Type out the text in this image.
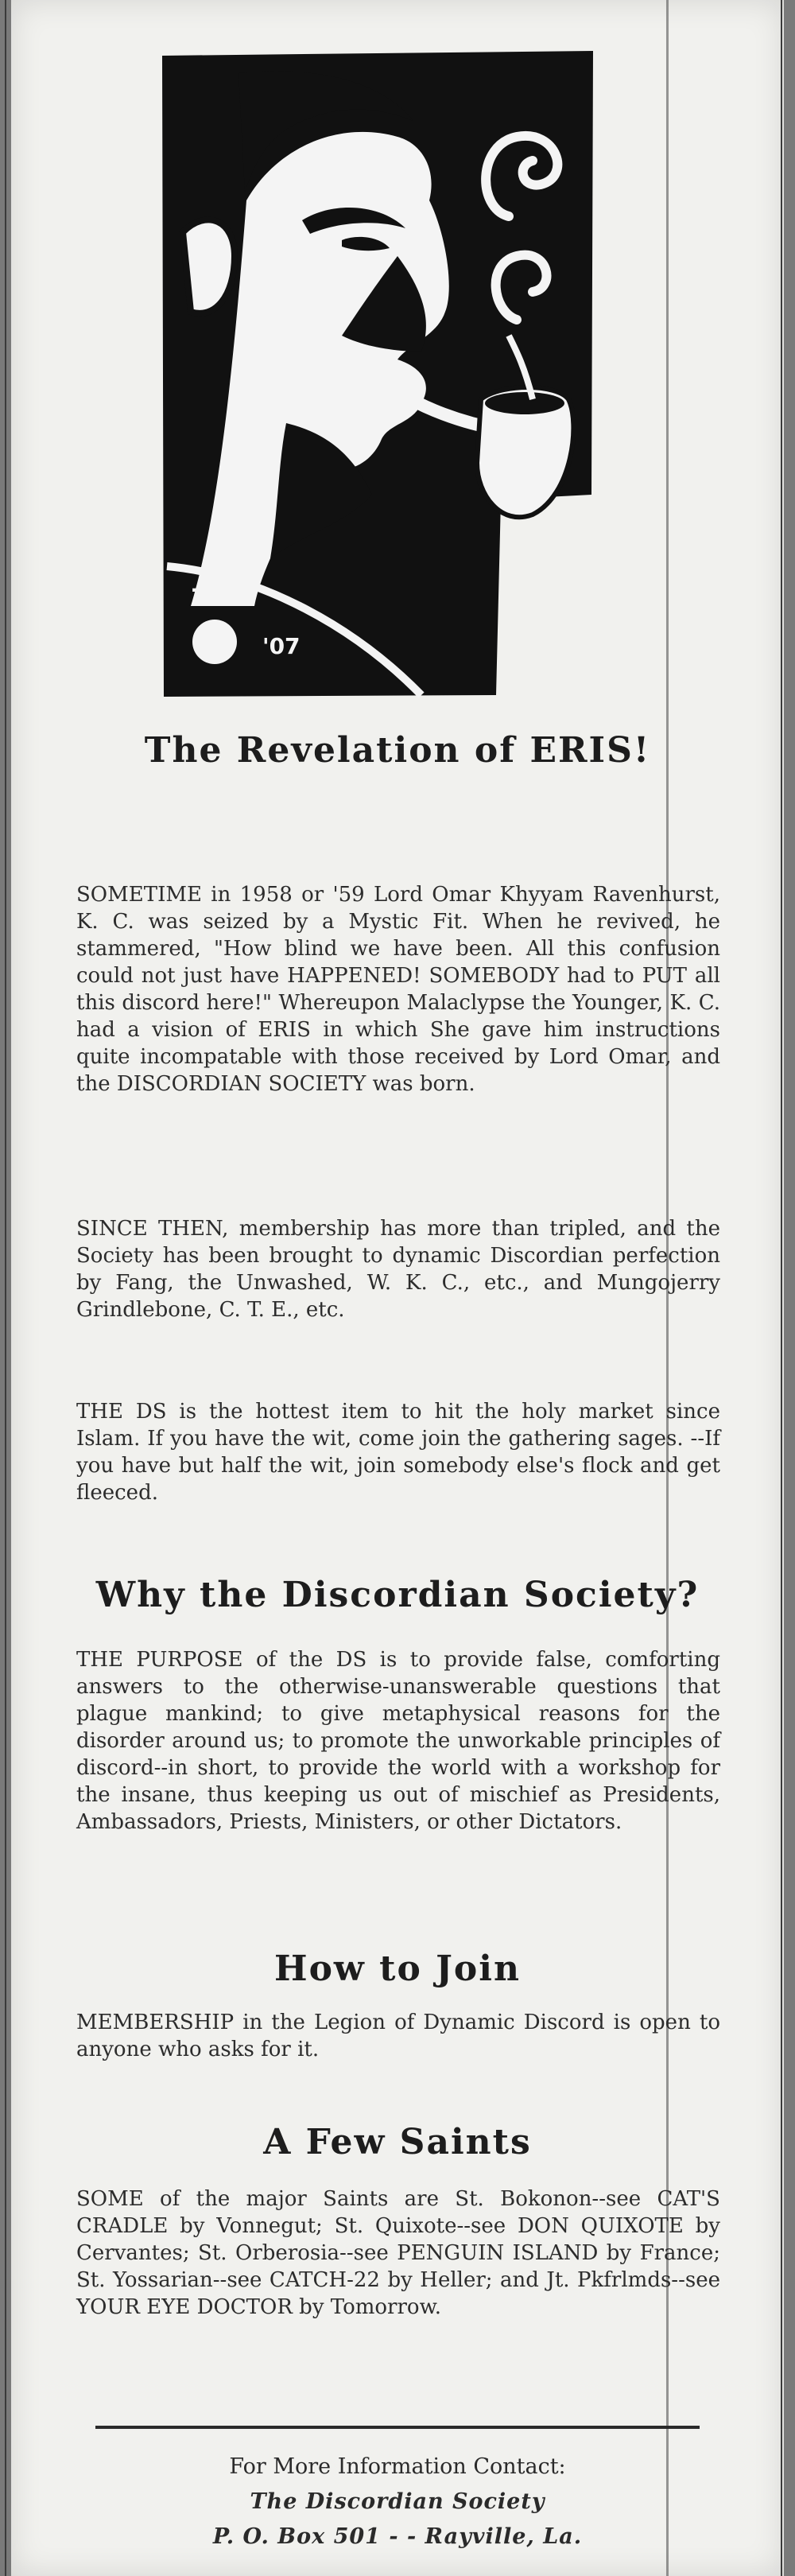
TIK
'07
The Revelation of ERIS!
SOMETIME in 1958 or '59 Lord Omar Khyyam Ravenhurst, K. C. was seized by a Mystic Fit. When he revived, he stammered, "How blind we have been. All this confusion could not just have HAPPENED! SOMEBODY had to PUT all this discord here!" Whereupon Malaclypse the Younger, K. C. had a vision of ERIS in which She gave him instructions quite incompatable with those received by Lord Omar, and the DISCORDIAN SOCIETY was born.
SINCE THEN, membership has more than tripled, and the Society has been brought to dynamic Discordian perfection by Fang, the Unwashed, W. K. C., etc., and Mungojerry Grindlebone, C. T. E., etc.
THE DS is the hottest item to hit the holy market since Islam. If you have the wit, come join the gathering sages. --If you have but half the wit, join somebody else's flock and get fleeced.
Why the Discordian Society?
THE PURPOSE of the DS is to provide false, comforting answers to the otherwise-unanswerable questions that plague mankind; to give metaphysical reasons for the disorder around us; to promote the unworkable principles of discord--in short, to provide the world with a workshop for the insane, thus keeping us out of mischief as Presidents, Ambassadors, Priests, Ministers, or other Dictators.
How to Join
MEMBERSHIP in the Legion of Dynamic Discord is open to anyone who asks for it.
A Few Saints
SOME of the major Saints are St. Bokonon--see CAT'S CRADLE by Vonnegut; St. Quixote--see DON QUIXOTE by Cervantes; St. Orberosia--see PENGUIN ISLAND by France; St. Yossarian--see CATCH-22 by Heller; and Jt. Pkfrlmds--see YOUR EYE DOCTOR by Tomorrow.
For More Information Contact:
The Discordian Society
P. O. Box 501 - - Rayville, La.
